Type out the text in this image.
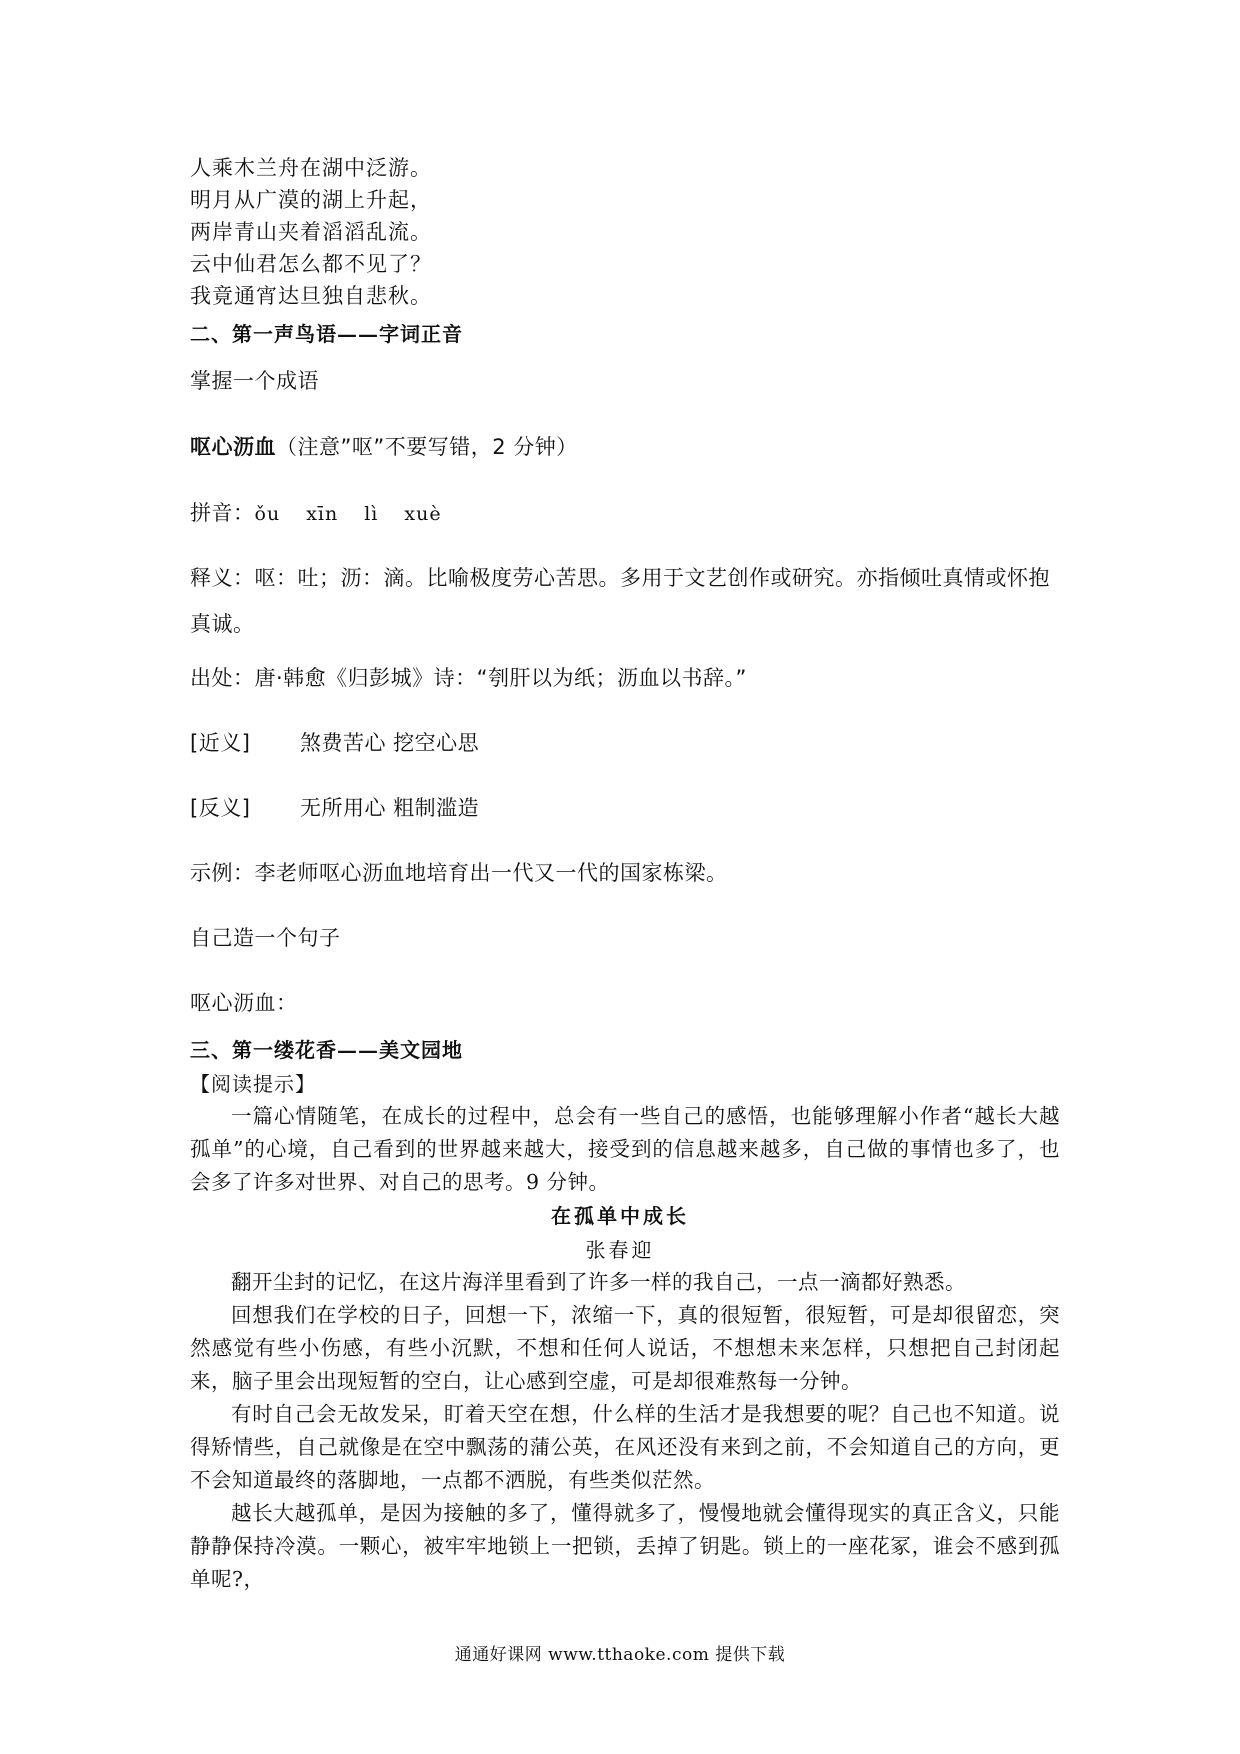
人乘木兰舟在湖中泛游。
明月从广漠的湖上升起，
两岸青山夹着滔滔乱流。
云中仙君怎么都不见了？
我竟通宵达旦独自悲秋。
二、第一声鸟语——字词正音
掌握一个成语
呕心沥血（注意”呕”不要写错，2 分钟）
拼音：ǒu xīn lì xuè
释义：呕：吐；沥：滴。比喻极度劳心苦思。多用于文艺创作或研究。亦指倾吐真情或怀抱
真诚。
出处：唐·韩愈《归彭城》诗：“刳肝以为纸；沥血以书辞。”
[近义] 煞费苦心 挖空心思
[反义] 无所用心 粗制滥造
示例：李老师呕心沥血地培育出一代又一代的国家栋梁。
自己造一个句子
呕心沥血：
三、第一缕花香——美文园地
【阅读提示】

一篇心情随笔，在成长的过程中，总会有一些自己的感悟，也能够理解小作者“越长大越孤单”的心境，自己看到的世界越来越大，接受到的信息越来越多，自己做的事情也多了，也会多了许多对世界、对自己的思考。9 分钟。

在孤单中成长
张春迎

翻开尘封的记忆，在这片海洋里看到了许多一样的我自己，一点一滴都好熟悉。

回想我们在学校的日子，回想一下，浓缩一下，真的很短暂，很短暂，可是却很留恋，突然感觉有些小伤感，有些小沉默，不想和任何人说话，不想想未来怎样，只想把自己封闭起来，脑子里会出现短暂的空白，让心感到空虚，可是却很难熬每一分钟。

有时自己会无故发呆，盯着天空在想，什么样的生活才是我想要的呢？自己也不知道。说得矫情些，自己就像是在空中飘荡的蒲公英，在风还没有来到之前，不会知道自己的方向，更不会知道最终的落脚地，一点都不洒脱，有些类似茫然。

越长大越孤单，是因为接触的多了，懂得就多了，慢慢地就会懂得现实的真正含义，只能静静保持冷漠。一颗心，被牢牢地锁上一把锁，丢掉了钥匙。锁上的一座花冢，谁会不感到孤单呢?，

通通好课网 www.tthaoke.com 提供下载
